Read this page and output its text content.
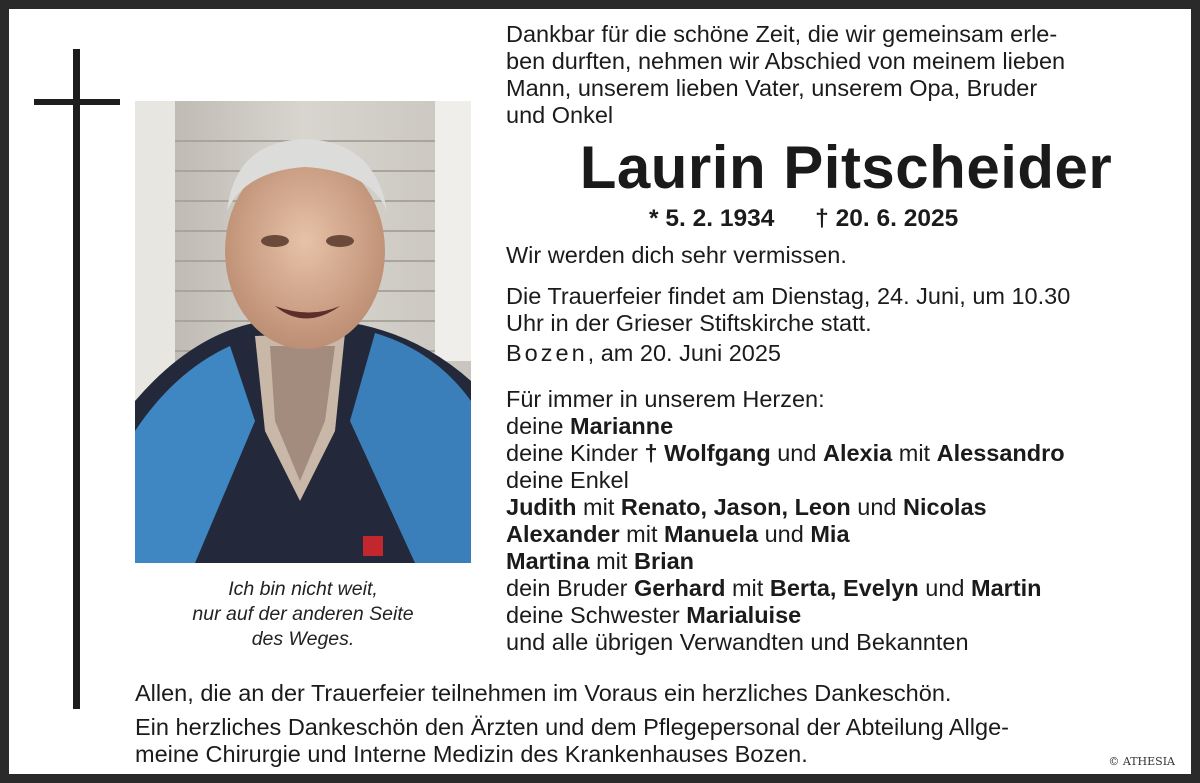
Ich bin nicht weit,
nur auf der anderen Seite
des Weges.
Dankbar für die schöne Zeit, die wir gemeinsam erle-
ben durften, nehmen wir Abschied von meinem lieben
Mann, unserem lieben Vater, unserem Opa, Bruder
und Onkel
Laurin Pitscheider
* 5. 2. 1934 † 20. 6. 2025
Wir werden dich sehr vermissen.
Die Trauerfeier findet am Dienstag, 24. Juni, um 10.30
Uhr in der Grieser Stiftskirche statt.
Bozen, am 20. Juni 2025
Für immer in unserem Herzen:
deine Marianne
deine Kinder † Wolfgang und Alexia mit Alessandro
deine Enkel
Judith mit Renato, Jason, Leon und Nicolas
Alexander mit Manuela und Mia
Martina mit Brian
dein Bruder Gerhard mit Berta, Evelyn und Martin
deine Schwester Marialuise
und alle übrigen Verwandten und Bekannten
Allen, die an der Trauerfeier teilnehmen im Voraus ein herzliches Dankeschön.
Ein herzliches Dankeschön den Ärzten und dem Pflegepersonal der Abteilung Allge-
meine Chirurgie und Interne Medizin des Krankenhauses Bozen.	© ATHESIA
